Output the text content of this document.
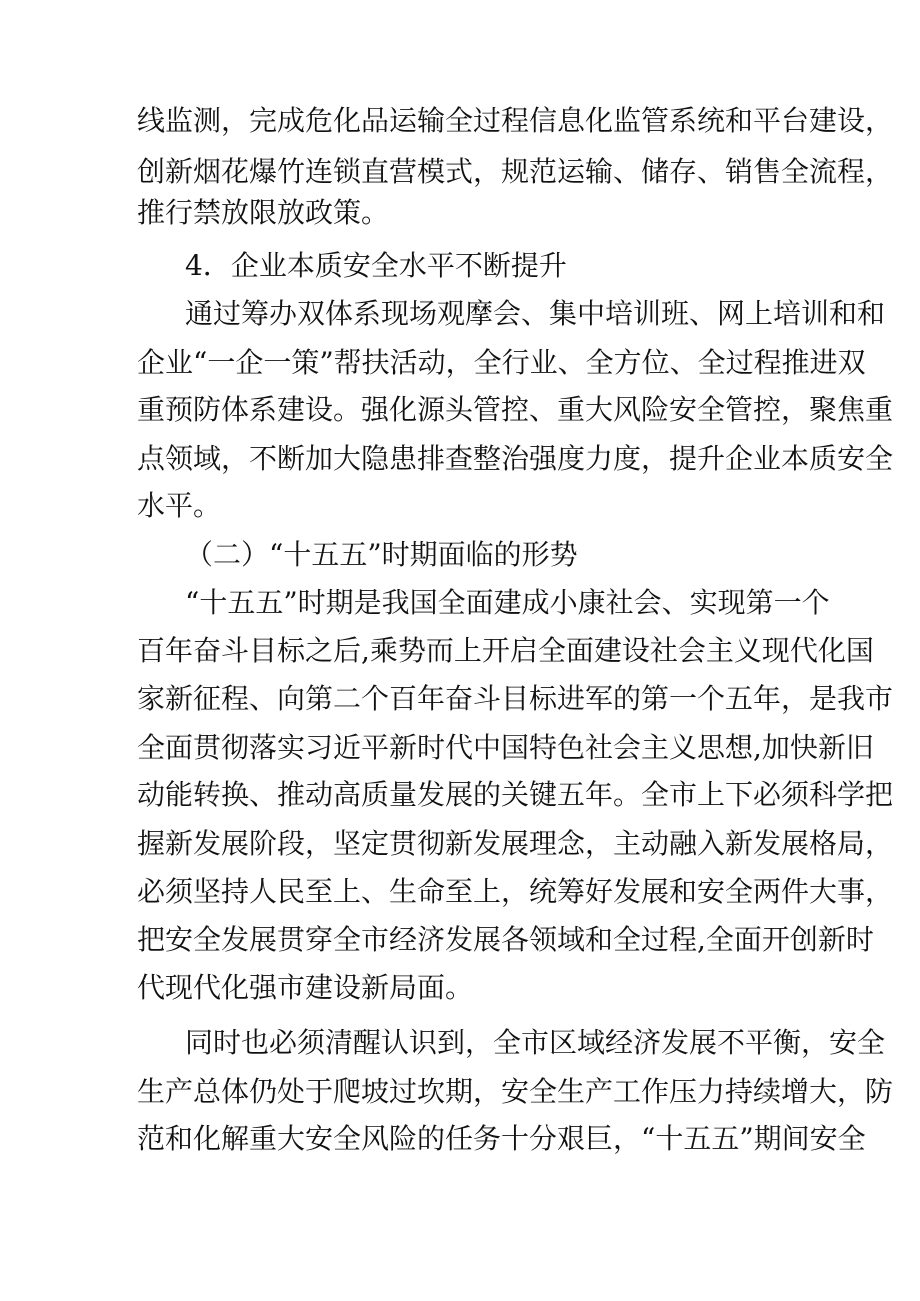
线监测，完成危化品运输全过程信息化监管系统和平台建设，
创新烟花爆竹连锁直营模式，规范运输、储存、销售全流程，
推行禁放限放政策。
4．企业本质安全水平不断提升
通过筹办双体系现场观摩会、集中培训班、网上培训和和
企业“一企一策”帮扶活动，全行业、全方位、全过程推进双
重预防体系建设。强化源头管控、重大风险安全管控，聚焦重
点领域，不断加大隐患排查整治强度力度，提升企业本质安全
水平。
（二）“十五五”时期面临的形势
“十五五”时期是我国全面建成小康社会、实现第一个
百年奋斗目标之后,乘势而上开启全面建设社会主义现代化国
家新征程、向第二个百年奋斗目标进军的第一个五年，是我市
全面贯彻落实习近平新时代中国特色社会主义思想,加快新旧
动能转换、推动高质量发展的关键五年。全市上下必须科学把
握新发展阶段，坚定贯彻新发展理念，主动融入新发展格局，
必须坚持人民至上、生命至上，统筹好发展和安全两件大事，
把安全发展贯穿全市经济发展各领域和全过程,全面开创新时
代现代化强市建设新局面。
同时也必须清醒认识到，全市区域经济发展不平衡，安全
生产总体仍处于爬坡过坎期，安全生产工作压力持续增大，防
范和化解重大安全风险的任务十分艰巨，“十五五”期间安全
